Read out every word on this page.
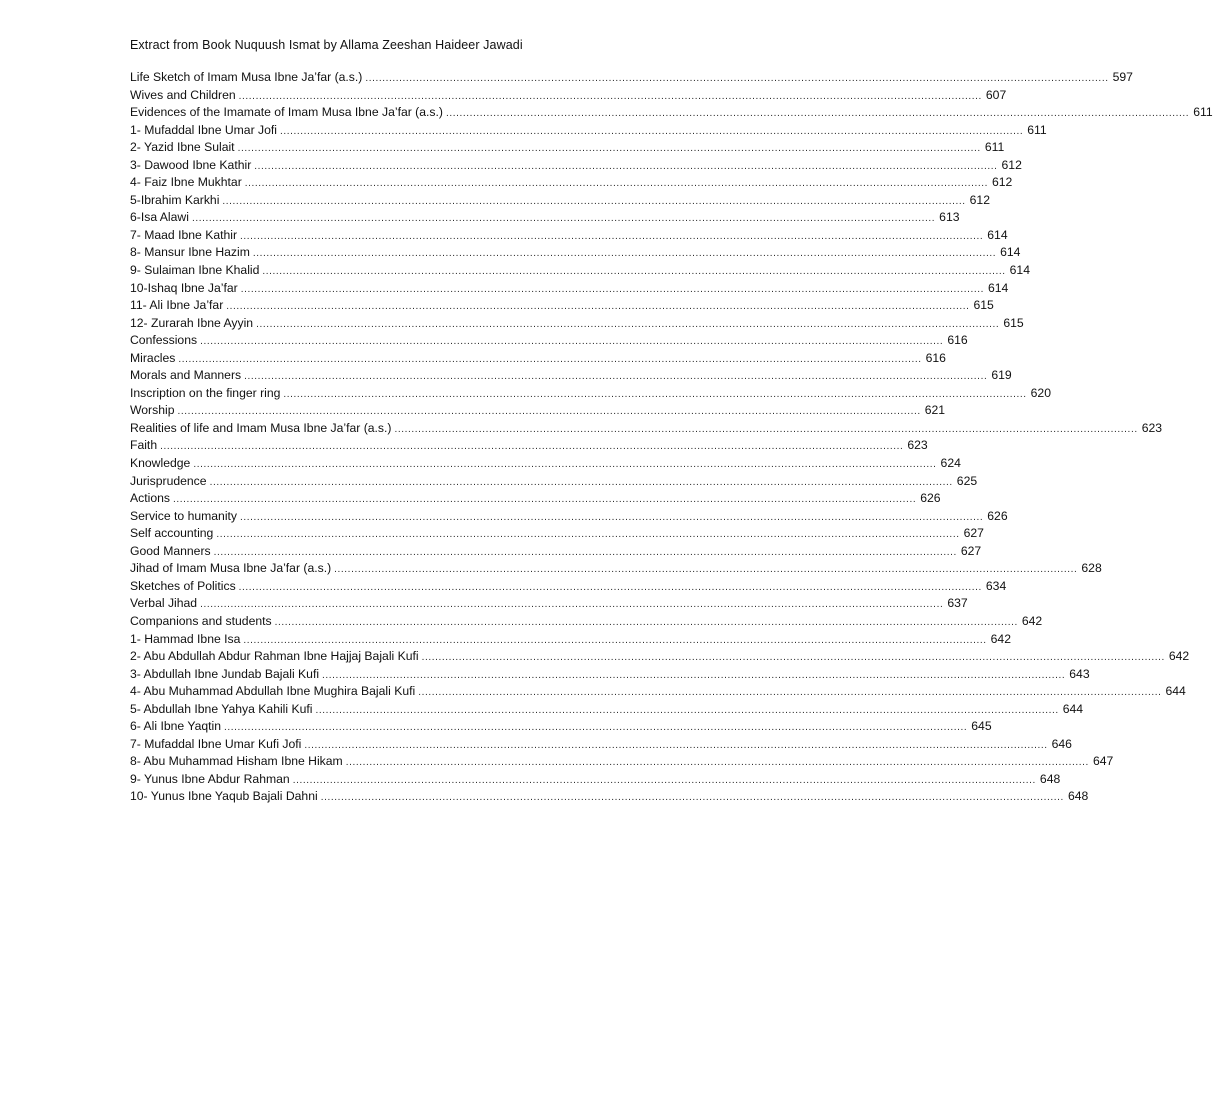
Extract from Book Nuquush Ismat by Allama Zeeshan Haideer Jawadi
Life Sketch of Imam Musa Ibne Ja’far (a.s.) ............................................................................................................................................................................................................................ 597
Wives and Children ............................................................................................................................................................................................................................ 607
Evidences of the Imamate of Imam Musa Ibne Ja’far (a.s.) ............................................................................................................................................................................................................................ 611
1- Mufaddal Ibne Umar Jofi ............................................................................................................................................................................................................................ 611
2- Yazid Ibne Sulait ............................................................................................................................................................................................................................ 611
3- Dawood Ibne Kathir ............................................................................................................................................................................................................................ 612
4- Faiz Ibne Mukhtar ............................................................................................................................................................................................................................ 612
5-Ibrahim Karkhi ............................................................................................................................................................................................................................ 612
6-Isa Alawi ............................................................................................................................................................................................................................ 613
7- Maad Ibne Kathir ............................................................................................................................................................................................................................ 614
8- Mansur Ibne Hazim ............................................................................................................................................................................................................................ 614
9- Sulaiman Ibne Khalid ............................................................................................................................................................................................................................ 614
10-Ishaq Ibne Ja’far ............................................................................................................................................................................................................................ 614
11- Ali Ibne Ja’far ............................................................................................................................................................................................................................ 615
12- Zurarah Ibne Ayyin ............................................................................................................................................................................................................................ 615
Confessions ............................................................................................................................................................................................................................ 616
Miracles ............................................................................................................................................................................................................................ 616
Morals and Manners ............................................................................................................................................................................................................................ 619
Inscription on the finger ring ............................................................................................................................................................................................................................ 620
Worship ............................................................................................................................................................................................................................ 621
Realities of life and Imam Musa Ibne Ja’far (a.s.) ............................................................................................................................................................................................................................ 623
Faith ............................................................................................................................................................................................................................ 623
Knowledge ............................................................................................................................................................................................................................ 624
Jurisprudence ............................................................................................................................................................................................................................ 625
Actions ............................................................................................................................................................................................................................ 626
Service to humanity ............................................................................................................................................................................................................................ 626
Self accounting ............................................................................................................................................................................................................................ 627
Good Manners ............................................................................................................................................................................................................................ 627
Jihad of Imam Musa Ibne Ja’far (a.s.) ............................................................................................................................................................................................................................ 628
Sketches of Politics ............................................................................................................................................................................................................................ 634
Verbal Jihad ............................................................................................................................................................................................................................ 637
Companions and students ............................................................................................................................................................................................................................ 642
1- Hammad Ibne Isa ............................................................................................................................................................................................................................ 642
2- Abu Abdullah Abdur Rahman Ibne Hajjaj Bajali Kufi ............................................................................................................................................................................................................................ 642
3- Abdullah Ibne Jundab Bajali Kufi ............................................................................................................................................................................................................................ 643
4- Abu Muhammad Abdullah Ibne Mughira Bajali Kufi ............................................................................................................................................................................................................................ 644
5- Abdullah Ibne Yahya Kahili Kufi ............................................................................................................................................................................................................................ 644
6- Ali Ibne Yaqtin ............................................................................................................................................................................................................................ 645
7- Mufaddal Ibne Umar Kufi Jofi ............................................................................................................................................................................................................................ 646
8- Abu Muhammad Hisham Ibne Hikam ............................................................................................................................................................................................................................ 647
9- Yunus Ibne Abdur Rahman ............................................................................................................................................................................................................................ 648
10- Yunus Ibne Yaqub Bajali Dahni ............................................................................................................................................................................................................................ 648
